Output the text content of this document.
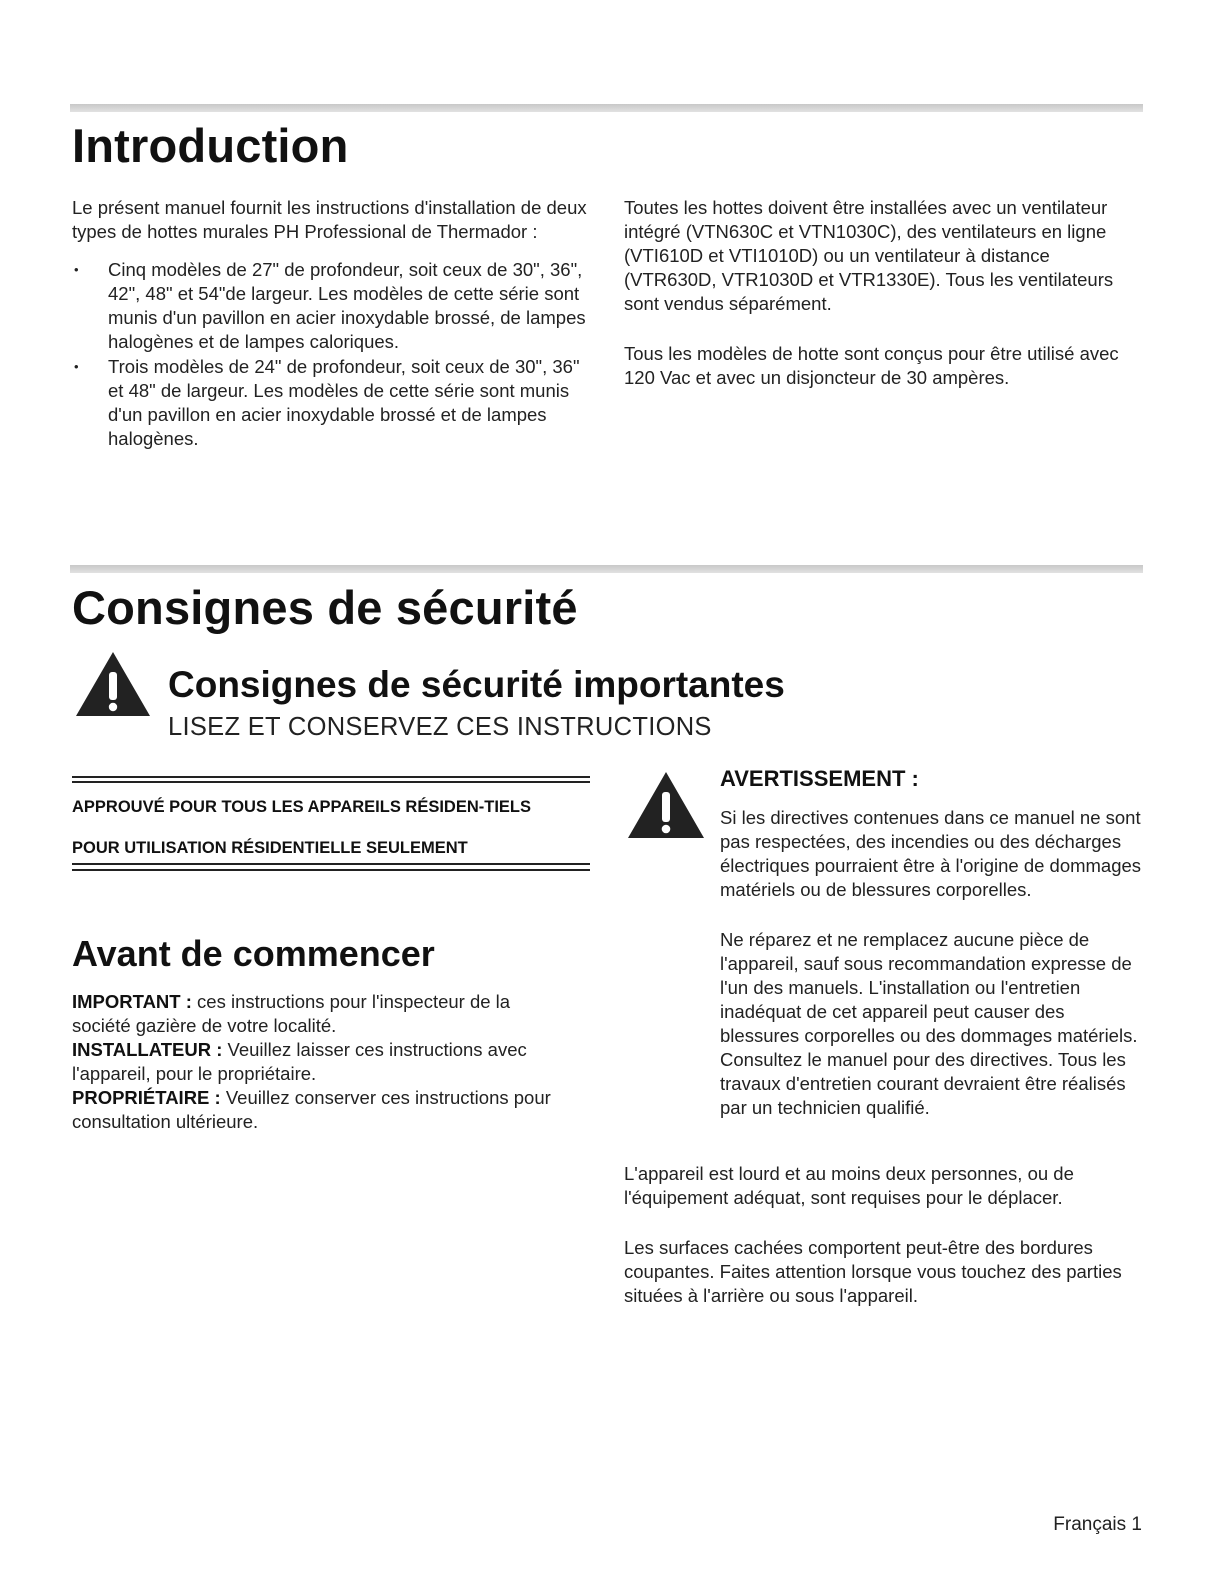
Introduction

Le présent manuel fournit les instructions d'installation de deux types de hottes murales PH Professional de Thermador :

• Cinq modèles de 27" de profondeur, soit ceux de 30", 36", 42", 48" et 54"de largeur. Les modèles de cette série sont munis d'un pavillon en acier inoxydable brossé, de lampes halogènes et de lampes caloriques.
• Trois modèles de 24" de profondeur, soit ceux de 30", 36" et 48" de largeur. Les modèles de cette série sont munis d'un pavillon en acier inoxydable brossé et de lampes halogènes.

Toutes les hottes doivent être installées avec un ventilateur intégré (VTN630C et VTN1030C), des ventilateurs en ligne (VTI610D et VTI1010D) ou un ventilateur à distance (VTR630D, VTR1030D et VTR1330E). Tous les ventilateurs sont vendus séparément.

Tous les modèles de hotte sont conçus pour être utilisé avec 120 Vac et avec un disjoncteur de 30 ampères.

Consignes de sécurité
Consignes de sécurité importantes
LISEZ ET CONSERVEZ CES INSTRUCTIONS
APPROUVÉ POUR TOUS LES APPAREILS RÉSIDEN-TIELS
POUR UTILISATION RÉSIDENTIELLE SEULEMENT
Avant de commencer

IMPORTANT : ces instructions pour l'inspecteur de la société gazière de votre localité.

INSTALLATEUR : Veuillez laisser ces instructions avec l'appareil, pour le propriétaire.

PROPRIÉTAIRE : Veuillez conserver ces instructions pour consultation ultérieure.

AVERTISSEMENT :

Si les directives contenues dans ce manuel ne sont pas respectées, des incendies ou des décharges électriques pourraient être à l'origine de dommages matériels ou de blessures corporelles.

Ne réparez et ne remplacez aucune pièce de l'appareil, sauf sous recommandation expresse de l'un des manuels. L'installation ou l'entretien inadéquat de cet appareil peut causer des blessures corporelles ou des dommages matériels. Consultez le manuel pour des directives. Tous les travaux d'entretien courant devraient être réalisés par un technicien qualifié.

L'appareil est lourd et au moins deux personnes, ou de l'équipement adéquat, sont requises pour le déplacer.

Les surfaces cachées comportent peut-être des bordures coupantes. Faites attention lorsque vous touchez des parties situées à l'arrière ou sous l'appareil.

Français 1
